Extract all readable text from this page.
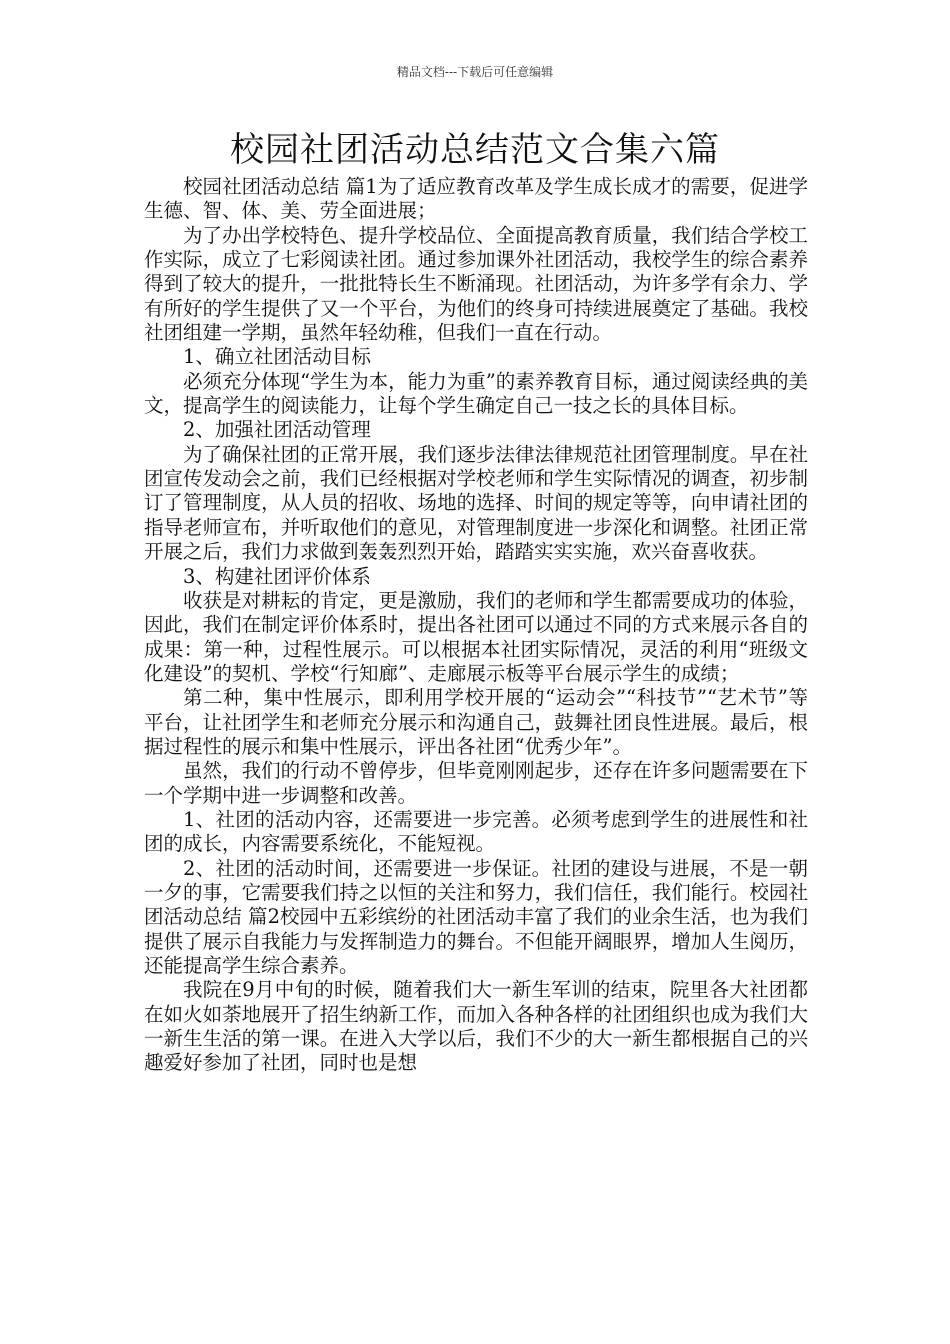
精品文档---下载后可任意编辑
校园社团活动总结范文合集六篇

校园社团活动总结 篇1为了适应教育改革及学生成长成才的需要，促进学生德、智、体、美、劳全面进展；

为了办出学校特色、提升学校品位、全面提高教育质量，我们结合学校工作实际，成立了七彩阅读社团。通过参加课外社团活动，我校学生的综合素养得到了较大的提升，一批批特长生不断涌现。社团活动，为许多学有余力、学有所好的学生提供了又一个平台，为他们的终身可持续进展奠定了基础。我校社团组建一学期，虽然年轻幼稚，但我们一直在行动。

1、确立社团活动目标

必须充分体现“学生为本，能力为重”的素养教育目标，通过阅读经典的美文，提高学生的阅读能力，让每个学生确定自己一技之长的具体目标。

2、加强社团活动管理

为了确保社团的正常开展，我们逐步法律法律规范社团管理制度。早在社团宣传发动会之前，我们已经根据对学校老师和学生实际情况的调查，初步制订了管理制度，从人员的招收、场地的选择、时间的规定等等，向申请社团的指导老师宣布，并听取他们的意见，对管理制度进一步深化和调整。社团正常开展之后，我们力求做到轰轰烈烈开始，踏踏实实实施，欢兴奋喜收获。

3、构建社团评价体系

收获是对耕耘的肯定，更是激励，我们的老师和学生都需要成功的体验，因此，我们在制定评价体系时，提出各社团可以通过不同的方式来展示各自的成果：第一种，过程性展示。可以根据本社团实际情况，灵活的利用“班级文化建设”的契机、学校“行知廊”、走廊展示板等平台展示学生的成绩；

第二种，集中性展示，即利用学校开展的“运动会”“科技节”“艺术节”等平台，让社团学生和老师充分展示和沟通自己，鼓舞社团良性进展。最后，根据过程性的展示和集中性展示，评出各社团“优秀少年”。

虽然，我们的行动不曾停步，但毕竟刚刚起步，还存在许多问题需要在下一个学期中进一步调整和改善。

1、社团的活动内容，还需要进一步完善。必须考虑到学生的进展性和社团的成长，内容需要系统化，不能短视。

2、社团的活动时间，还需要进一步保证。社团的建设与进展，不是一朝一夕的事，它需要我们持之以恒的关注和努力，我们信任，我们能行。校园社团活动总结 篇2校园中五彩缤纷的社团活动丰富了我们的业余生活，也为我们提供了展示自我能力与发挥制造力的舞台。不但能开阔眼界，增加人生阅历，还能提高学生综合素养。

我院在9月中旬的时候，随着我们大一新生军训的结束，院里各大社团都在如火如荼地展开了招生纳新工作，而加入各种各样的社团组织也成为我们大一新生生活的第一课。在进入大学以后，我们不少的大一新生都根据自己的兴趣爱好参加了社团，同时也是想
